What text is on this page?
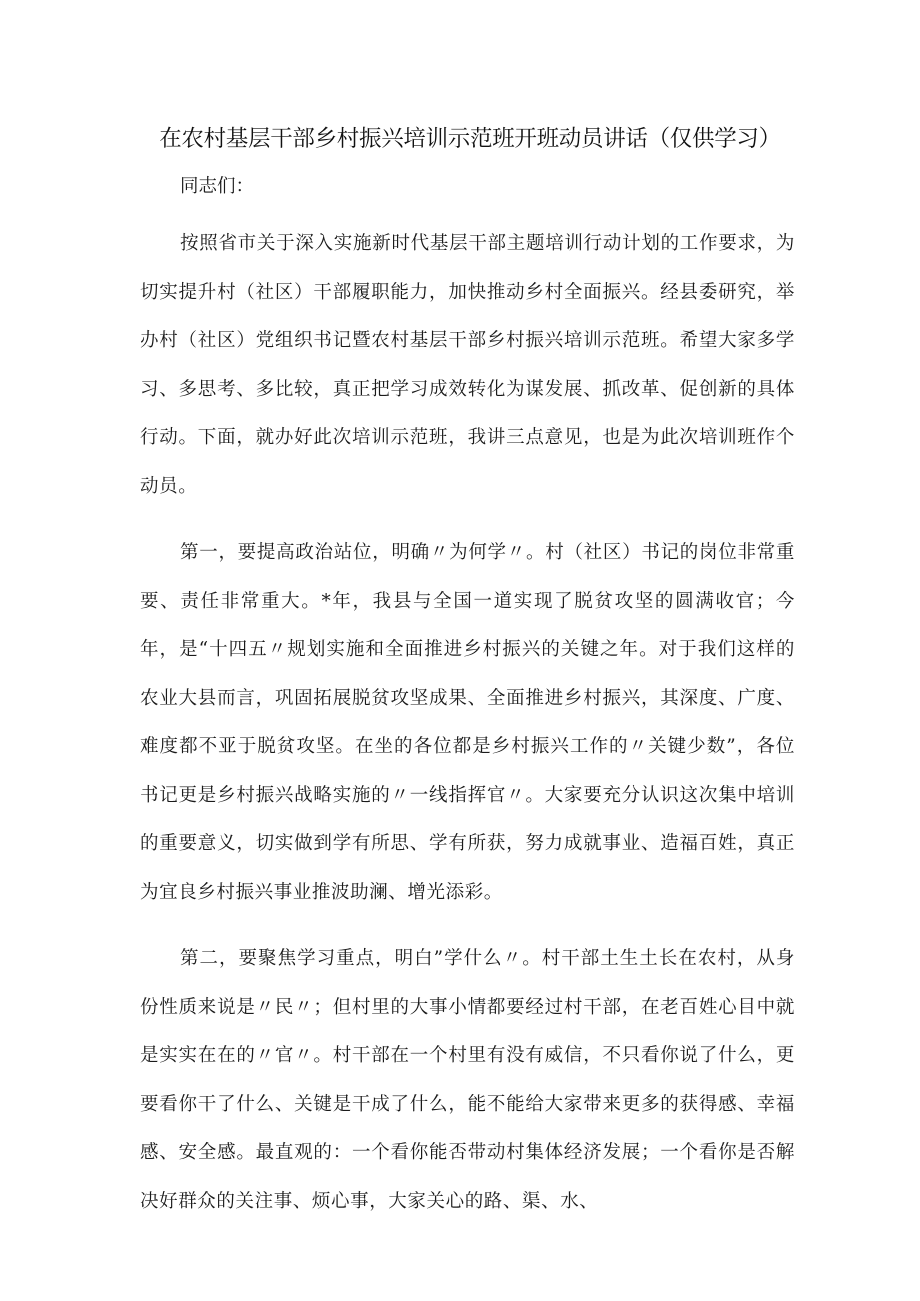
在农村基层干部乡村振兴培训示范班开班动员讲话（仅供学习）

同志们：

按照省市关于深入实施新时代基层干部主题培训行动计划的工作要求，为切实提升村（社区）干部履职能力，加快推动乡村全面振兴。经县委研究，举办村（社区）党组织书记暨农村基层干部乡村振兴培训示范班。希望大家多学习、多思考、多比较，真正把学习成效转化为谋发展、抓改革、促创新的具体行动。下面，就办好此次培训示范班，我讲三点意见，也是为此次培训班作个动员。

第一，要提高政治站位，明确〃为何学〃。村（社区）书记的岗位非常重要、责任非常重大。*年，我县与全国一道实现了脱贫攻坚的圆满收官；今年，是“十四五〃规划实施和全面推进乡村振兴的关键之年。对于我们这样的农业大县而言，巩固拓展脱贫攻坚成果、全面推进乡村振兴，其深度、广度、难度都不亚于脱贫攻坚。在坐的各位都是乡村振兴工作的〃关键少数”，各位书记更是乡村振兴战略实施的〃一线指挥官〃。大家要充分认识这次集中培训的重要意义，切实做到学有所思、学有所获，努力成就事业、造福百姓，真正为宜良乡村振兴事业推波助澜、增光添彩。

第二，要聚焦学习重点，明白”学什么〃。村干部土生土长在农村，从身份性质来说是〃民〃；但村里的大事小情都要经过村干部，在老百姓心目中就是实实在在的〃官〃。村干部在一个村里有没有威信，不只看你说了什么，更要看你干了什么、关键是干成了什么，能不能给大家带来更多的获得感、幸福感、安全感。最直观的：一个看你能否带动村集体经济发展；一个看你是否解决好群众的关注事、烦心事，大家关心的路、渠、水、
